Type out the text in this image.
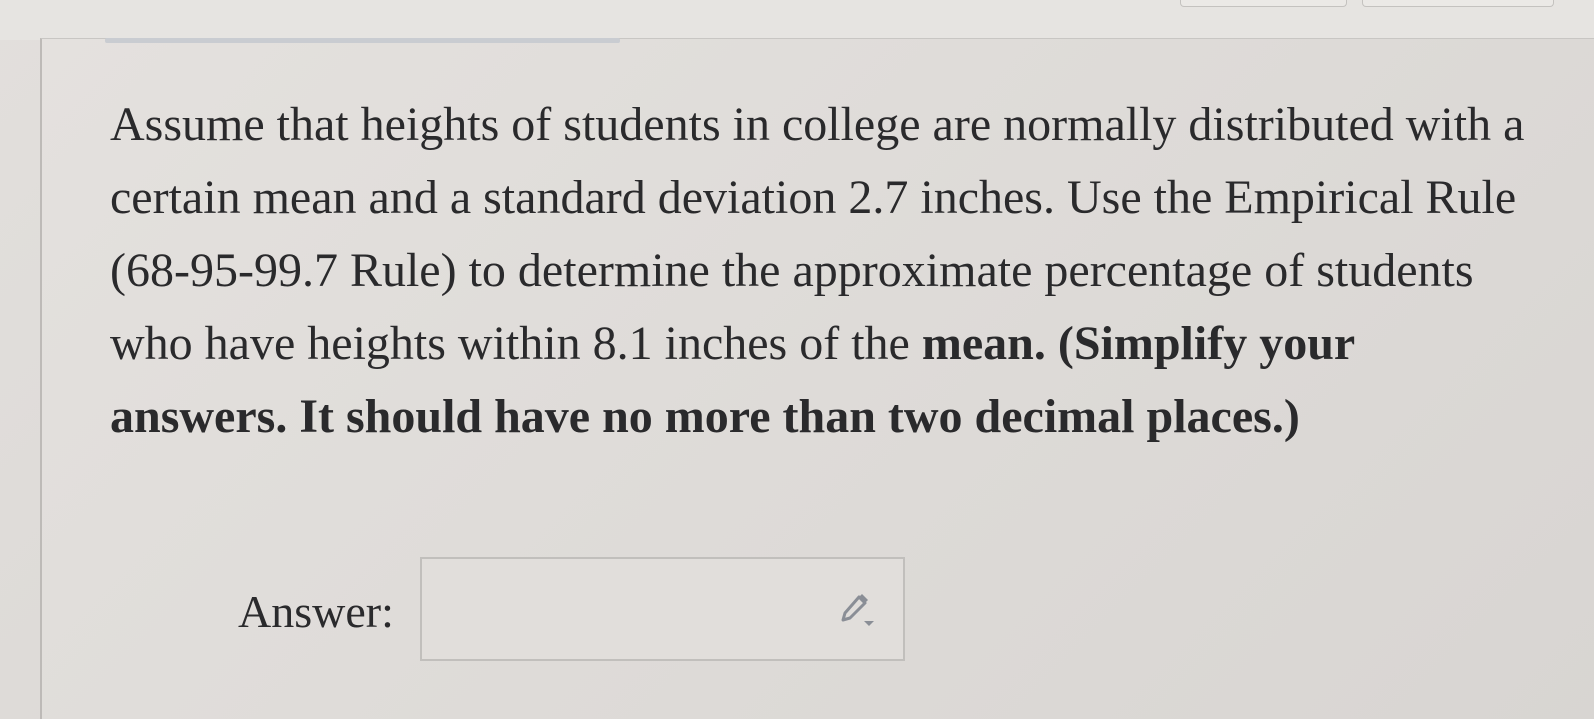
Assume that heights of students in college are normally distributed with a certain mean and a standard deviation 2.7 inches. Use the Empirical Rule (68-95-99.7 Rule) to determine the approximate percentage of students who have heights within 8.1 inches of the mean. (Simplify your answers. It should have no more than two decimal places.)

Answer:
